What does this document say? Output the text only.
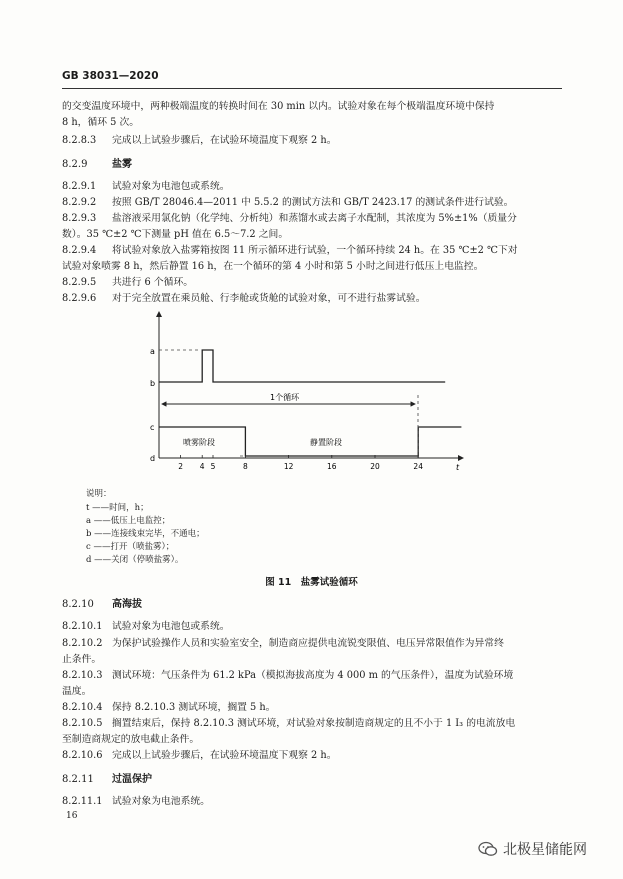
GB 38031—2020
的交变温度环境中，两种极端温度的转换时间在 30 min 以内。试验对象在每个极端温度环境中保持
8 h，循环 5 次。
8.2.8.3 完成以上试验步骤后，在试验环境温度下观察 2 h。
8.2.9 盐雾
8.2.9.1 试验对象为电池包或系统。
8.2.9.2 按照 GB/T 28046.4—2011 中 5.5.2 的测试方法和 GB/T 2423.17 的测试条件进行试验。
8.2.9.3 盐溶液采用氯化钠（化学纯、分析纯）和蒸馏水或去离子水配制，其浓度为 5%±1%（质量分
数）。35 ℃±2 ℃下测量 pH 值在 6.5～7.2 之间。
8.2.9.4 将试验对象放入盐雾箱按图 11 所示循环进行试验，一个循环持续 24 h。在 35 ℃±2 ℃下对
试验对象喷雾 8 h，然后静置 16 h，在一个循环的第 4 小时和第 5 小时之间进行低压上电监控。
8.2.9.5 共进行 6 个循环。
8.2.9.6 对于完全放置在乘员舱、行李舱或货舱的试验对象，可不进行盐雾试验。
t
a
b
c
d
1个循环
喷雾阶段	静置阶段
2 4 5	8	12	16	20	24
说明：
t ——时间，h；
a ——低压上电监控；
b ——连接线束完毕，不通电；
c ——打开（喷盐雾）；
d ——关闭（停喷盐雾）。
图 11　盐雾试验循环
8.2.10 高海拔
8.2.10.1 试验对象为电池包或系统。
8.2.10.2 为保护试验操作人员和实验室安全，制造商应提供电流锐变限值、电压异常限值作为异常终
止条件。
8.2.10.3 测试环境：气压条件为 61.2 kPa（模拟海拔高度为 4 000 m 的气压条件），温度为试验环境
温度。
8.2.10.4 保持 8.2.10.3 测试环境，搁置 5 h。
8.2.10.5 搁置结束后，保持 8.2.10.3 测试环境，对试验对象按制造商规定的且不小于 1 I₃ 的电流放电
至制造商规定的放电截止条件。
8.2.10.6 完成以上试验步骤后，在试验环境温度下观察 2 h。
8.2.11 过温保护
8.2.11.1 试验对象为电池系统。
16
北极星储能网
